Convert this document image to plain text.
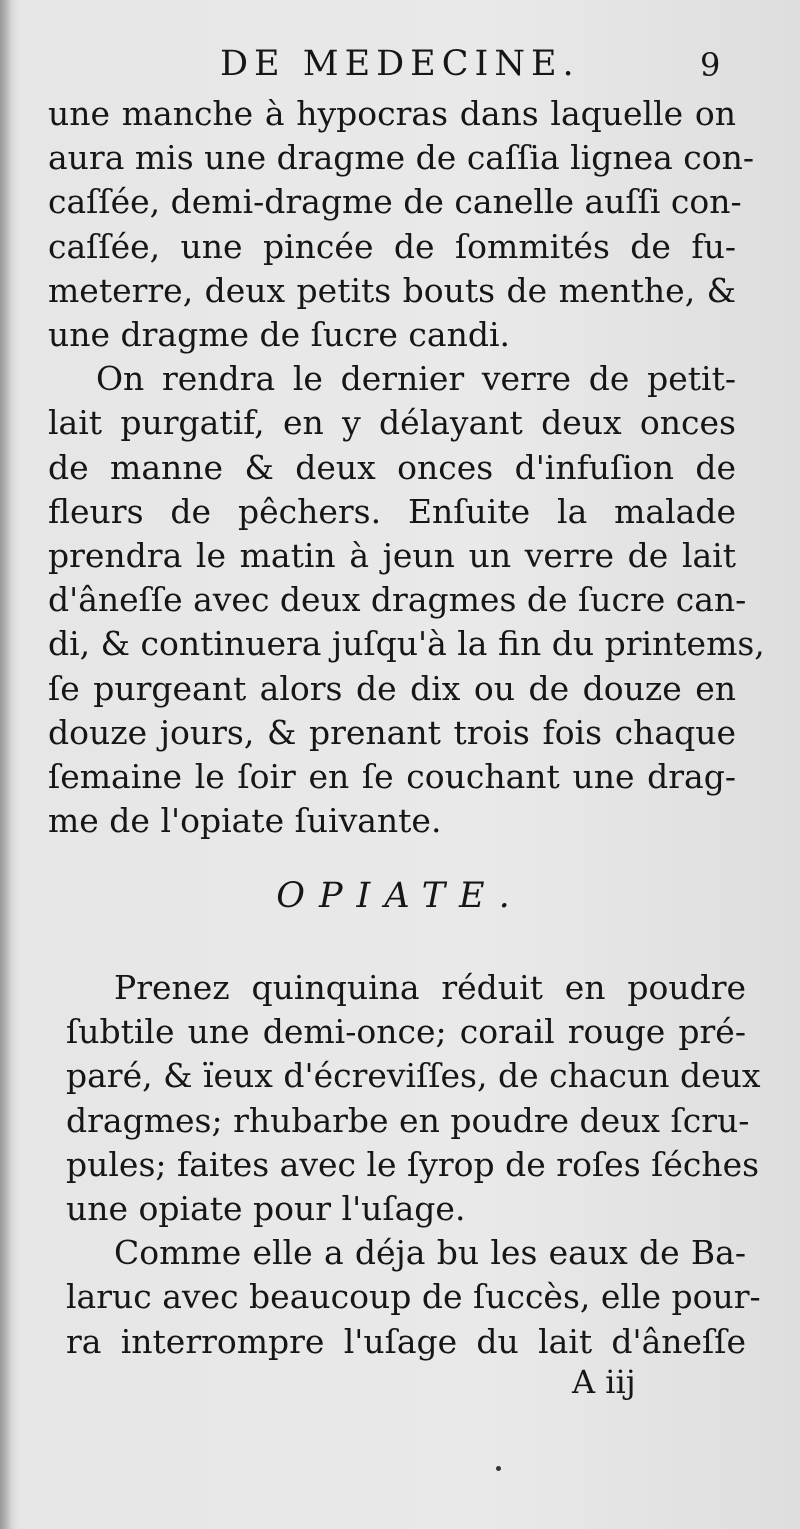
DE MEDECINE.	9
une manche à hypocras dans laquelle on
aura mis une dragme de caſſia lignea con-
caſſée, demi-dragme de canelle auſſi con-
caſſée, une pincée de ſommités de fu-
meterre, deux petits bouts de menthe, &
une dragme de ſucre candi.
On rendra le dernier verre de petit-
lait purgatif, en y délayant deux onces
de manne & deux onces d'infuſion de
fleurs de pêchers. Enſuite la malade
prendra le matin à jeun un verre de lait
d'âneſſe avec deux dragmes de ſucre can-
di, & continuera juſqu'à la fin du printems,
ſe purgeant alors de dix ou de douze en
douze jours, & prenant trois fois chaque
ſemaine le ſoir en ſe couchant une drag-
me de l'opiate ſuivante.
OPIATE.
Prenez quinquina réduit en poudre
ſubtile une demi-once; corail rouge pré-
paré, & ïeux d'écreviſſes, de chacun deux
dragmes; rhubarbe en poudre deux ſcru-
pules; faites avec le ſyrop de roſes ſéches
une opiate pour l'uſage.
Comme elle a déja bu les eaux de Ba-
laruc avec beaucoup de ſuccès, elle pour-
ra interrompre l'uſage du lait d'âneſſe
A iij
